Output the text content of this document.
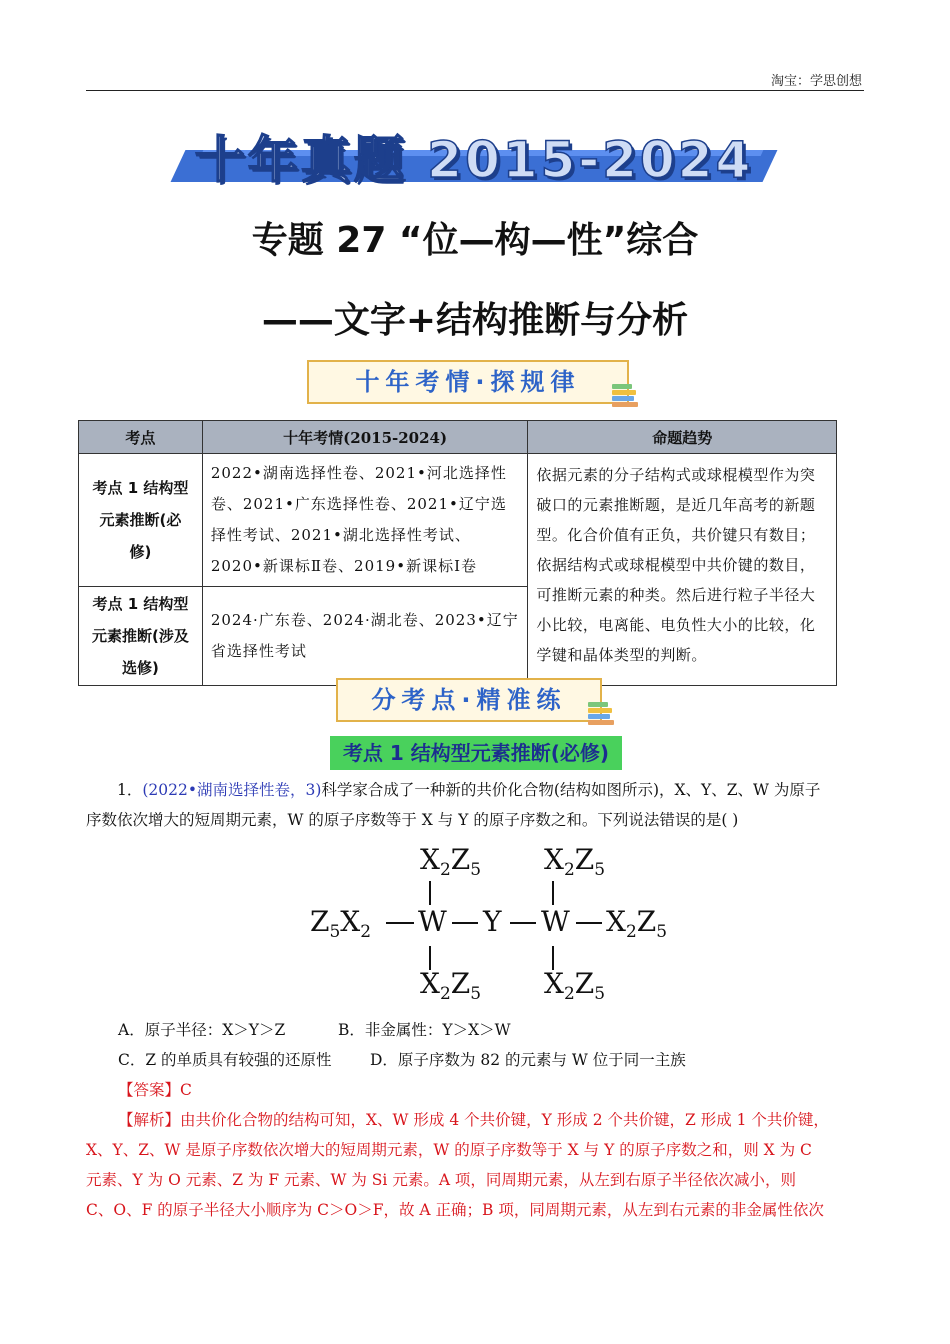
淘宝：学思创想
十年真题 2015-2024
专题 27 “位—构—性”综合
——文字+结构推断与分析
十年考情·探规律
考点	十年考情(2015-2024)	命题趋势

考点 1 结构型
元素推断(必
修)	2022•湖南选择性卷、2021•河北选择性卷、2021•广东选择性卷、2021•辽宁选择性考试、2021•湖北选择性考试、2020•新课标Ⅱ卷、2019•新课标Ⅰ卷	依据元素的分子结构式或球棍模型作为突破口的元素推断题，是近几年高考的新题型。化合价值有正负，共价键只有数目；依据结构式或球棍模型中共价键的数目，可推断元素的种类。然后进行粒子半径大小比较，电离能、电负性大小的比较，化学键和晶体类型的判断。

考点 1 结构型
元素推断(涉及
选修)	2024·广东卷、2024·湖北卷、2023•辽宁省选择性考试	
分考点·精准练
考点 1 结构型元素推断(必修)
1．(2022•湖南选择性卷，3)科学家合成了一种新的共价化合物(结构如图所示)，X、Y、Z、W 为原子
序数依次增大的短周期元素，W 的原子序数等于 X 与 Y 的原子序数之和。下列说法错误的是( )
$X_2Z_5$ $X_2Z_5$
$Z_5X_2$ W Y W $X_2Z_5$
$X_2Z_5$ $X_2Z_5$
A．原子半径：X＞Y＞Z	B．非金属性：Y＞X＞W
C．Z 的单质具有较强的还原性 D．原子序数为 82 的元素与 W 位于同一主族
【答案】C
【解析】由共价化合物的结构可知，X、W 形成 4 个共价键，Y 形成 2 个共价键，Z 形成 1 个共价键，
X、Y、Z、W 是原子序数依次增大的短周期元素，W 的原子序数等于 X 与 Y 的原子序数之和，则 X 为 C
元素、Y 为 O 元素、Z 为 F 元素、W 为 Si 元素。A 项，同周期元素，从左到右原子半径依次减小，则
C、O、F 的原子半径大小顺序为 C＞O＞F，故 A 正确；B 项，同周期元素，从左到右元素的非金属性依次
